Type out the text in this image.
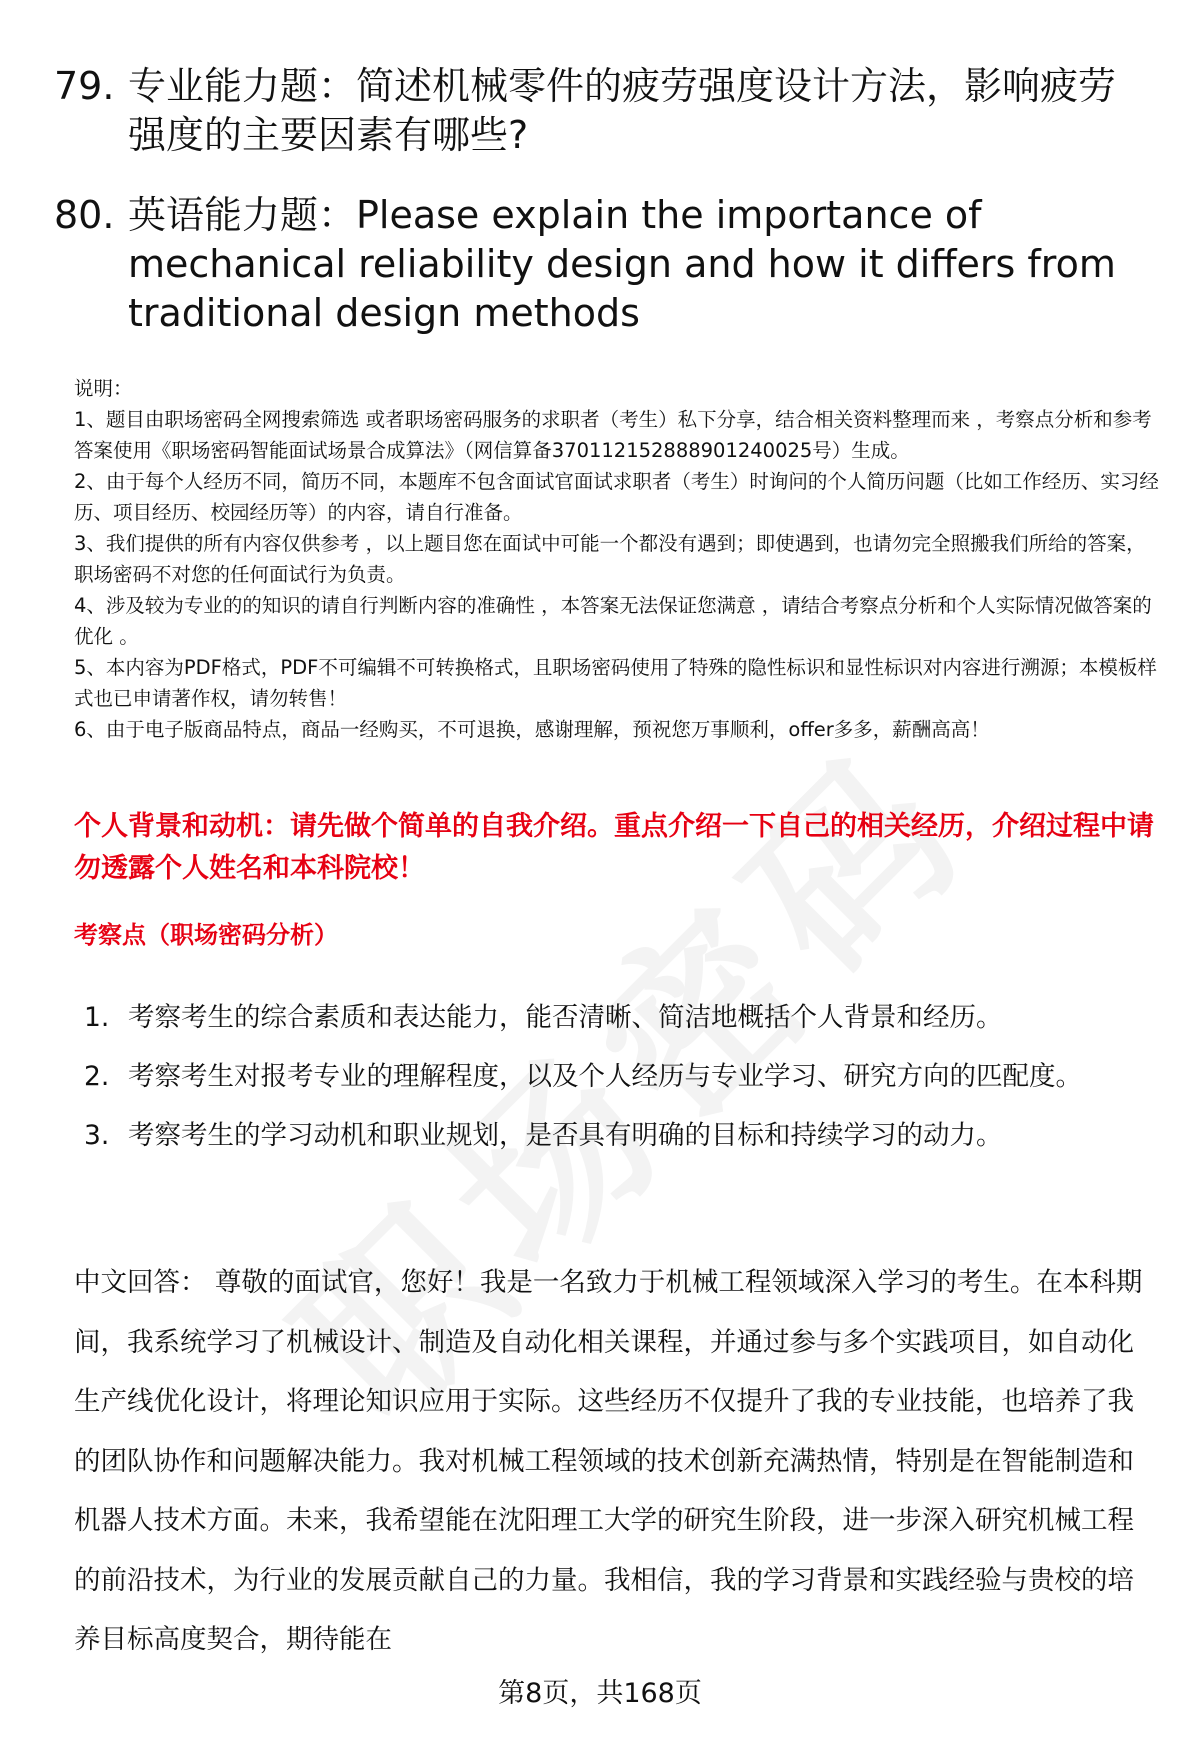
79. 专业能力题：简述机械零件的疲劳强度设计方法，影响疲劳强度的主要因素有哪些?
80. 英语能力题：Please explain the importance of mechanical reliability design and how it differs from traditional design methods

说明：

1、题目由职场密码全网搜索筛选 或者职场密码服务的求职者（考生）私下分享，结合相关资料整理而来 ，考察点分析和参考答案使用《职场密码智能面试场景合成算法》（网信算备370112152888901240025号）生成。

2、由于每个人经历不同，简历不同，本题库不包含面试官面试求职者（考生）时询问的个人简历问题（比如工作经历、实习经历、项目经历、校园经历等）的内容，请自行准备。

3、我们提供的所有内容仅供参考 ，以上题目您在面试中可能一个都没有遇到；即使遇到，也请勿完全照搬我们所给的答案，职场密码不对您的任何面试行为负责。

4、涉及较为专业的的知识的请自行判断内容的准确性 ，本答案无法保证您满意 ，请结合考察点分析和个人实际情况做答案的优化 。

5、本内容为PDF格式，PDF不可编辑不可转换格式，且职场密码使用了特殊的隐性标识和显性标识对内容进行溯源；本模板样式也已申请著作权，请勿转售！

6、由于电子版商品特点，商品一经购买，不可退换，感谢理解，预祝您万事顺利，offer多多，薪酬高高！

个人背景和动机：请先做个简单的自我介绍。重点介绍一下自己的相关经历，介绍过程中请勿透露个人姓名和本科院校！
考察点（职场密码分析）
1. 考察考生的综合素质和表达能力，能否清晰、简洁地概括个人背景和经历。
2. 考察考生对报考专业的理解程度，以及个人经历与专业学习、研究方向的匹配度。
3. 考察考生的学习动机和职业规划，是否具有明确的目标和持续学习的动力。
中文回答： 尊敬的面试官，您好！我是一名致力于机械工程领域深入学习的考生。在本科期间，我系统学习了机械设计、制造及自动化相关课程，并通过参与多个实践项目，如自动化生产线优化设计，将理论知识应用于实际。这些经历不仅提升了我的专业技能，也培养了我的团队协作和问题解决能力。我对机械工程领域的技术创新充满热情，特别是在智能制造和机器人技术方面。未来，我希望能在沈阳理工大学的研究生阶段，进一步深入研究机械工程的前沿技术，为行业的发展贡献自己的力量。我相信，我的学习背景和实践经验与贵校的培养目标高度契合，期待能在
第8页，共168页
